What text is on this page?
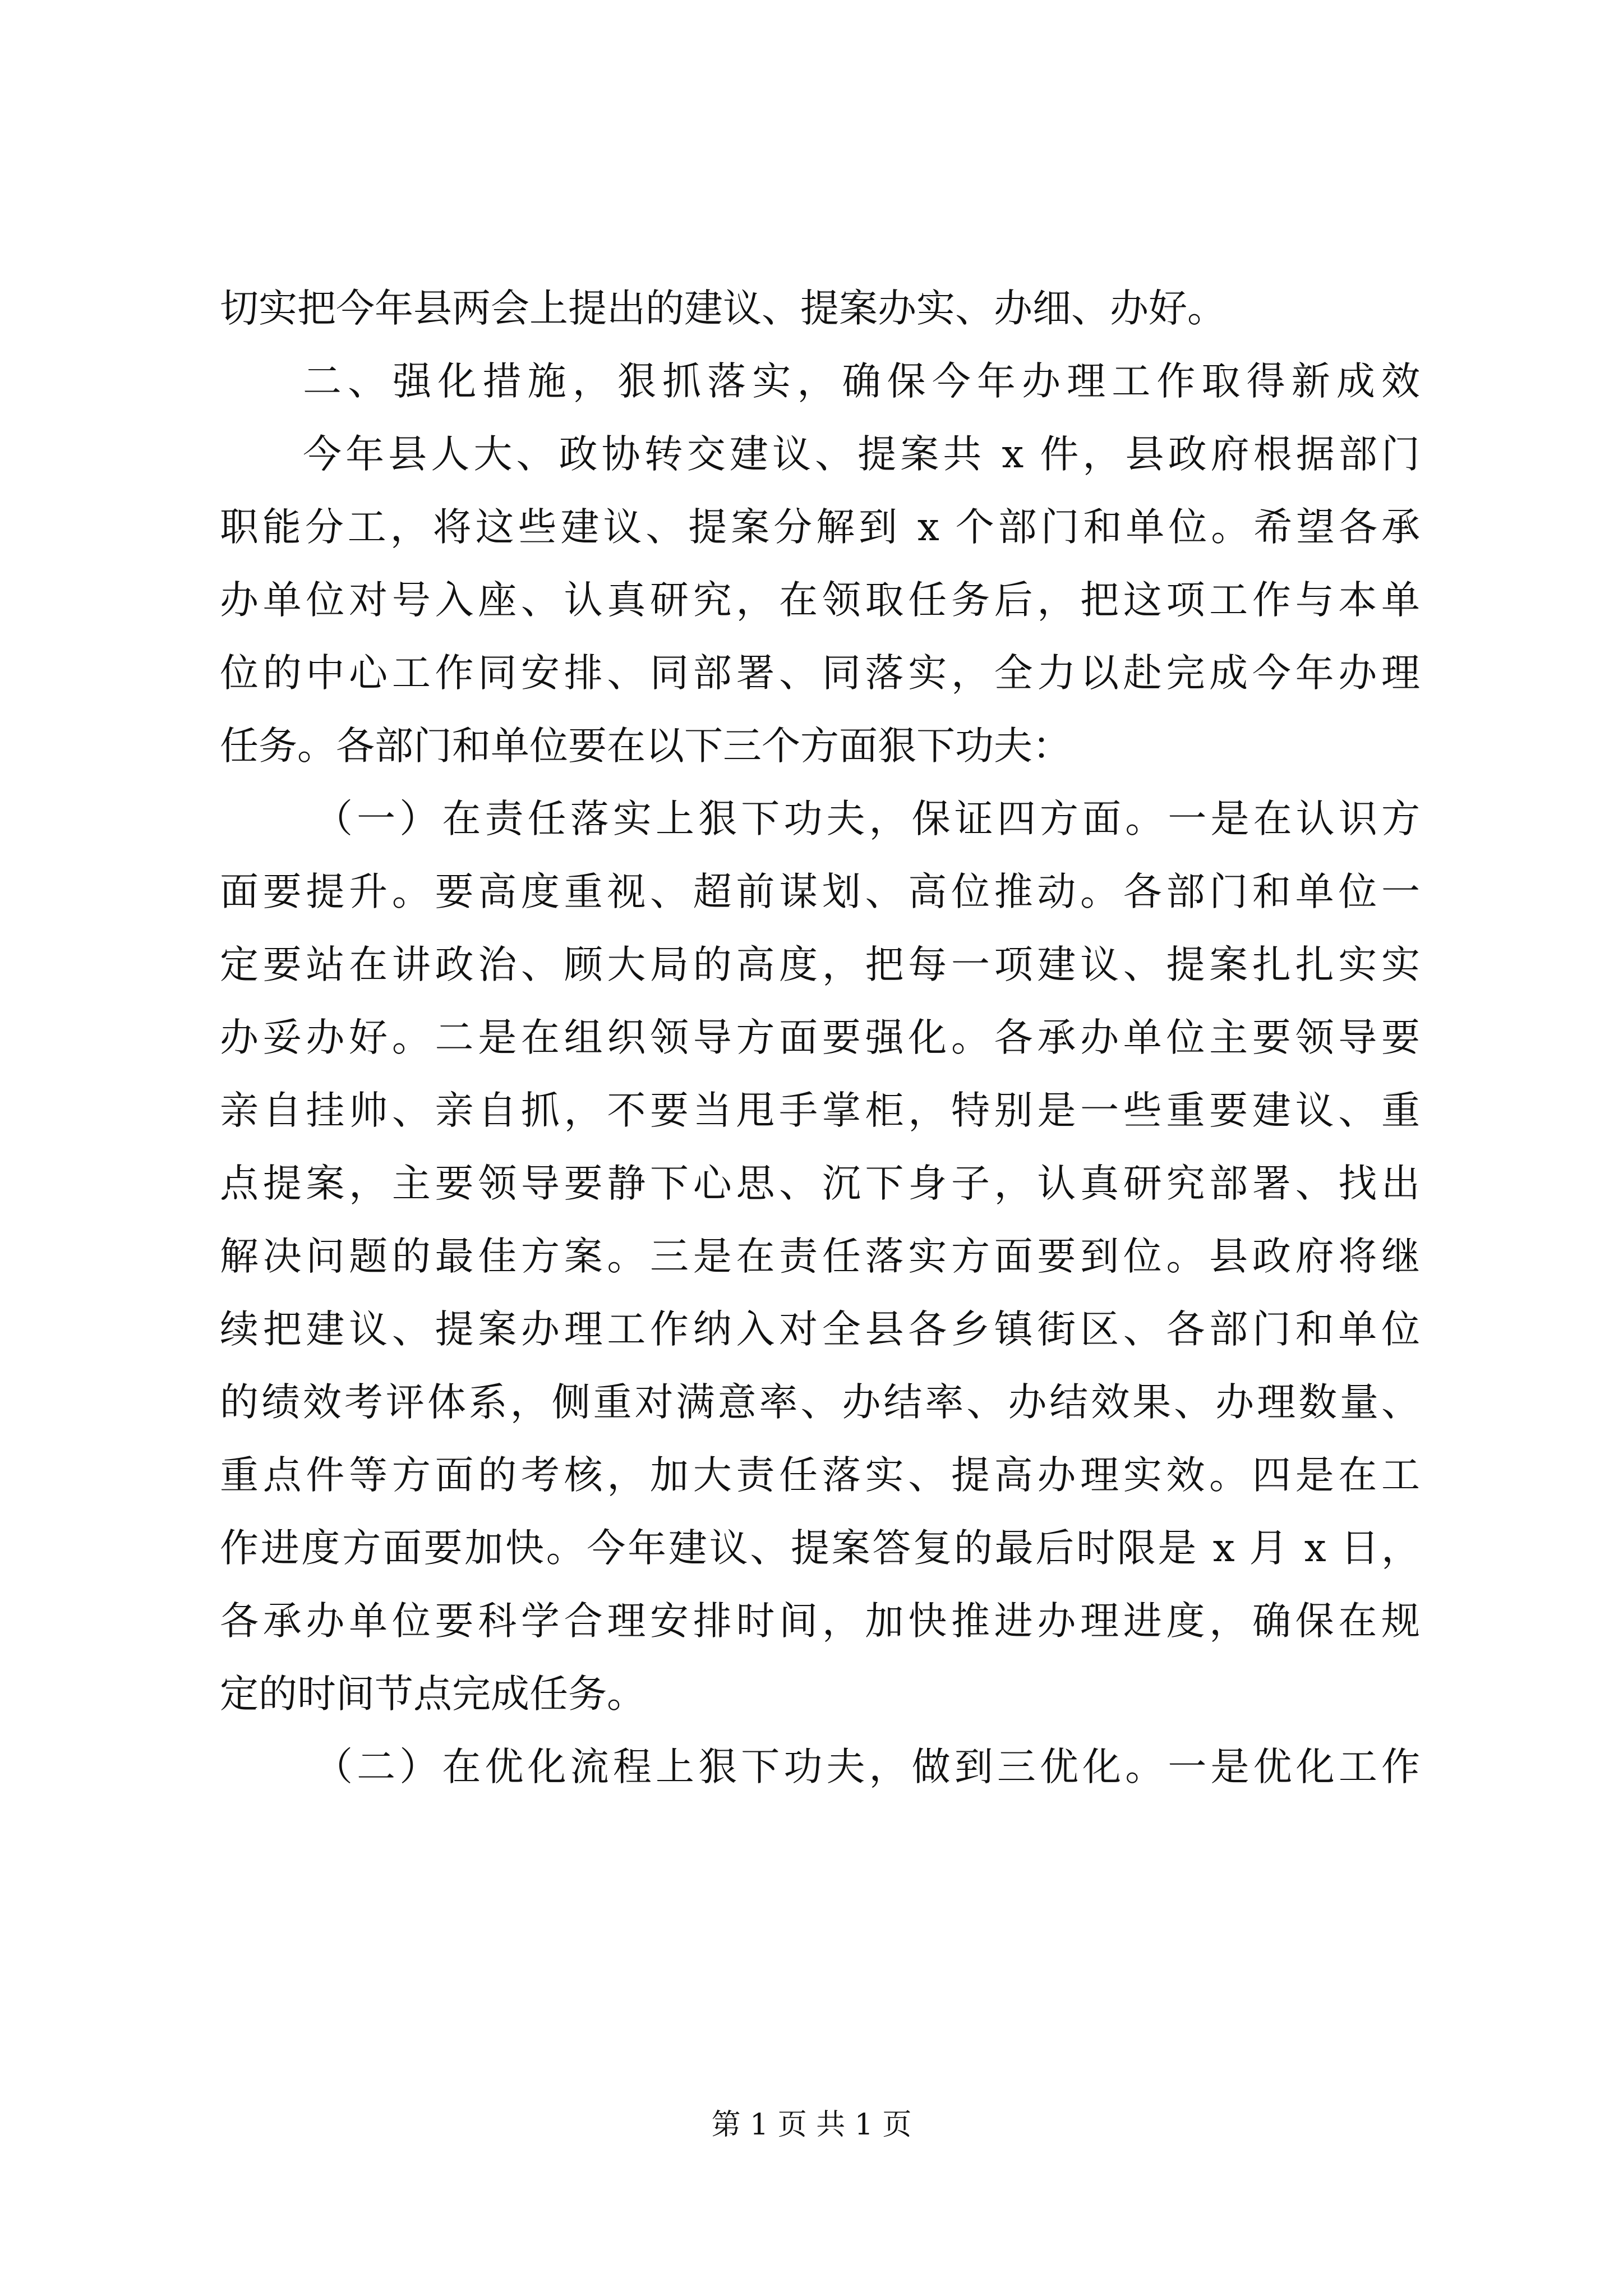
切实把今年县两会上提出的建议、提案办实、办细、办好。
二、强化措施，狠抓落实，确保今年办理工作取得新成效
今年县人大、政协转交建议、提案共 x 件，县政府根据部门
职能分工，将这些建议、提案分解到 x 个部门和单位。希望各承
办单位对号入座、认真研究，在领取任务后，把这项工作与本单
位的中心工作同安排、同部署、同落实，全力以赴完成今年办理
任务。各部门和单位要在以下三个方面狠下功夫：
（一）在责任落实上狠下功夫，保证四方面。一是在认识方
面要提升。要高度重视、超前谋划、高位推动。各部门和单位一
定要站在讲政治、顾大局的高度，把每一项建议、提案扎扎实实
办妥办好。二是在组织领导方面要强化。各承办单位主要领导要
亲自挂帅、亲自抓，不要当甩手掌柜，特别是一些重要建议、重
点提案，主要领导要静下心思、沉下身子，认真研究部署、找出
解决问题的最佳方案。三是在责任落实方面要到位。县政府将继
续把建议、提案办理工作纳入对全县各乡镇街区、各部门和单位
的绩效考评体系，侧重对满意率、办结率、办结效果、办理数量、
重点件等方面的考核，加大责任落实、提高办理实效。四是在工
作进度方面要加快。今年建议、提案答复的最后时限是 x 月 x 日，
各承办单位要科学合理安排时间，加快推进办理进度，确保在规
定的时间节点完成任务。
（二）在优化流程上狠下功夫，做到三优化。一是优化工作
第 1 页 共 1 页
